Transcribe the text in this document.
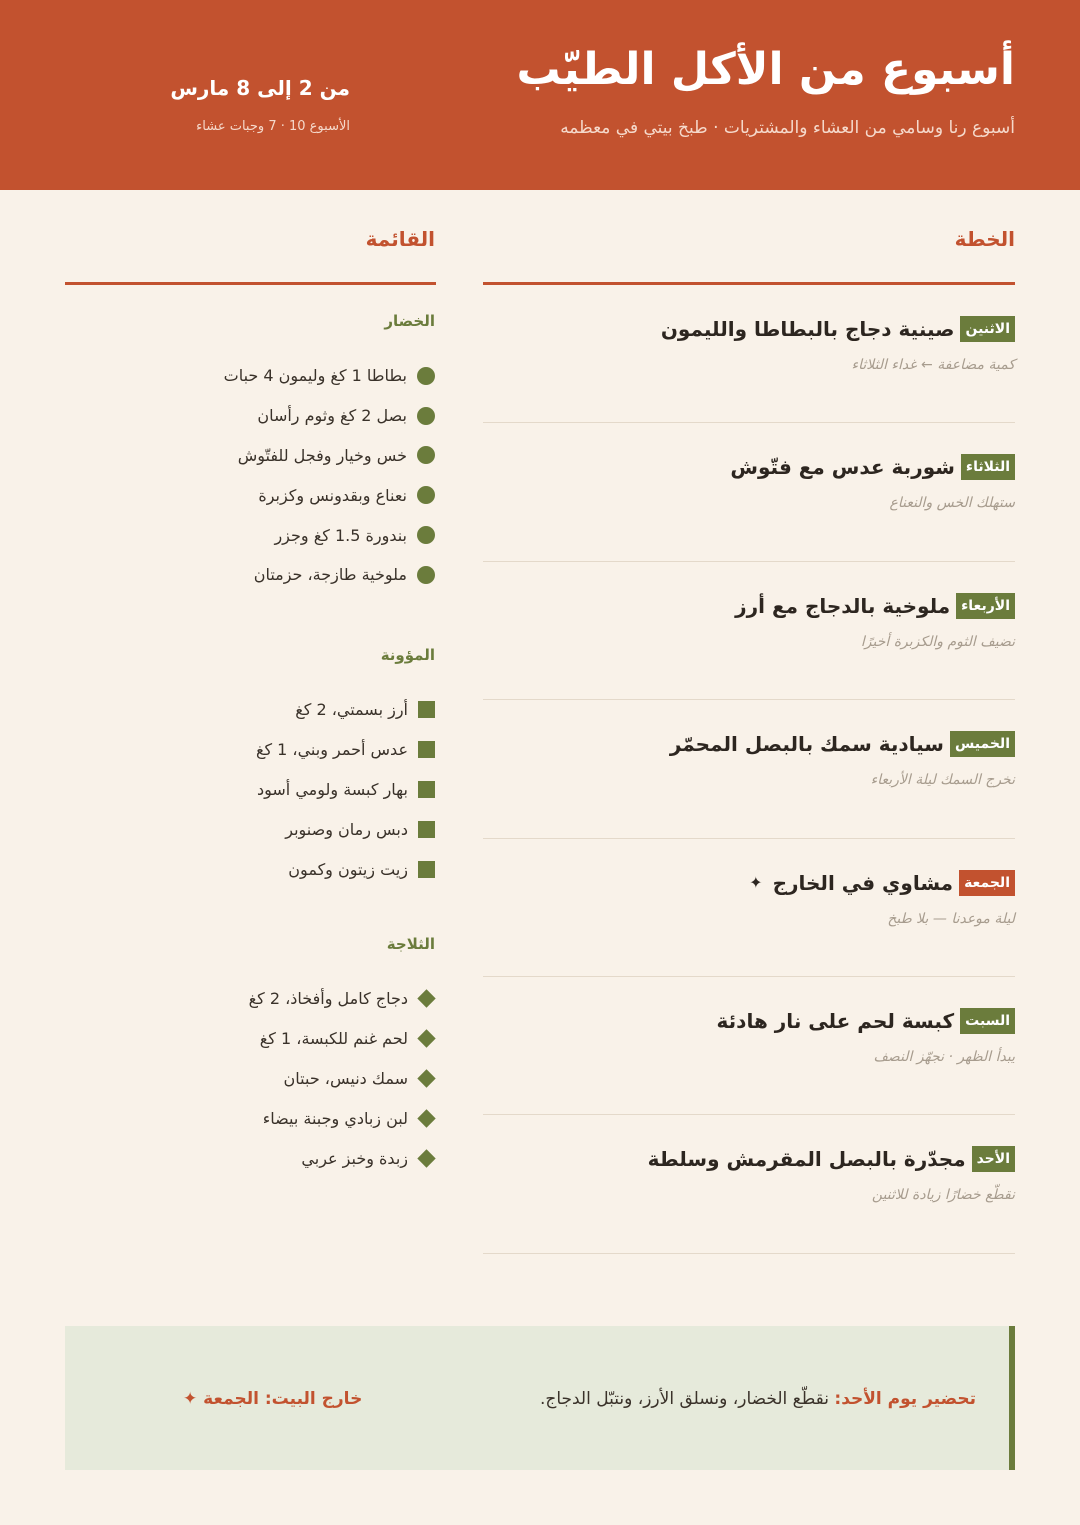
أسبوع من الأكل الطيّب
أسبوع رنا وسامي من العشاء والمشتريات · طبخ بيتي في معظمه
من 2 إلى 8 مارس
الأسبوع 10 · 7 وجبات عشاء
الخطة
القائمة
الاثنين
صينية دجاج بالبطاطا والليمون
كمية مضاعفة ← غداء الثلاثاء
الثلاثاء
شوربة عدس مع فتّوش
ستهلك الخس والنعناع
الأربعاء
ملوخية بالدجاج مع أرز
نضيف الثوم والكزبرة أخيرًا
الخميس
سيادية سمك بالبصل المحمّر
نخرج السمك ليلة الأربعاء
الجمعة
مشاوي في الخارج
✦
ليلة موعدنا — بلا طبخ
السبت
كبسة لحم على نار هادئة
يبدأ الظهر · نجهّز النصف
الأحد
مجدّرة بالبصل المقرمش وسلطة
نقطّع خضارًا زيادة للاثنين
الخضار
بطاطا 1 كغ وليمون 4 حبات
بصل 2 كغ وثوم رأسان
خس وخيار وفجل للفتّوش
نعناع وبقدونس وكزبرة
بندورة 1.5 كغ وجزر
ملوخية طازجة، حزمتان
المؤونة
أرز بسمتي، 2 كغ
عدس أحمر وبني، 1 كغ
بهار كبسة ولومي أسود
دبس رمان وصنوبر
زيت زيتون وكمون
الثلاجة
دجاج كامل وأفخاذ، 2 كغ
لحم غنم للكبسة، 1 كغ
سمك دنيس، حبتان
لبن زبادي وجبنة بيضاء
زبدة وخبز عربي
تحضير يوم الأحد: نقطّع الخضار، ونسلق الأرز، ونتبّل الدجاج.
خارج البيت: الجمعة ✦
